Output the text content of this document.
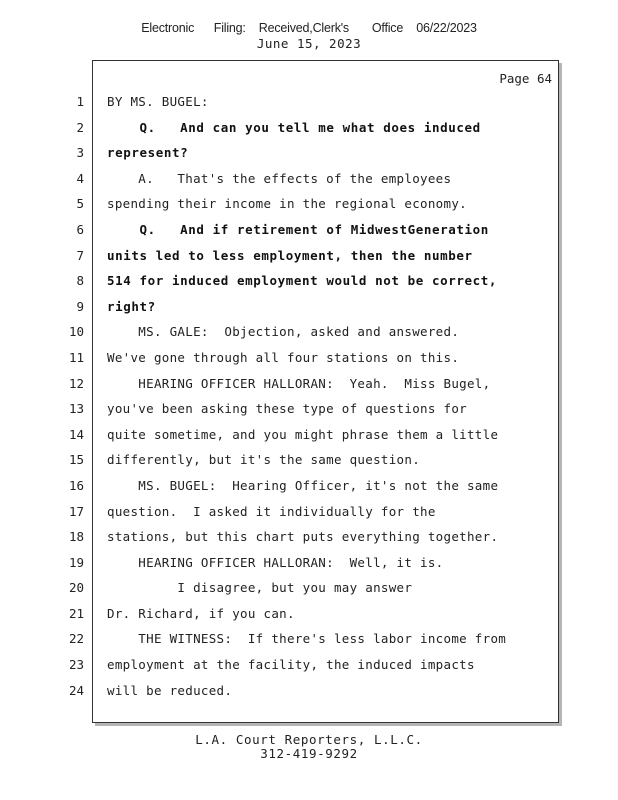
Electronic      Filing:    Received,Clerk's       Office    06/22/2023
June 15, 2023
Page 64
1 BY MS. BUGEL:
2 Q.   And can you tell me what does induced
3 represent?
4 A.   That's the effects of the employees
5 spending their income in the regional economy.
6 Q.   And if retirement of MidwestGeneration
7 units led to less employment, then the number
8 514 for induced employment would not be correct,
9 right?
10 MS. GALE:  Objection, asked and answered.
11 We've gone through all four stations on this.
12 HEARING OFFICER HALLORAN:  Yeah.  Miss Bugel,
13 you've been asking these type of questions for
14 quite sometime, and you might phrase them a little
15 differently, but it's the same question.
16 MS. BUGEL:  Hearing Officer, it's not the same
17 question.  I asked it individually for the
18 stations, but this chart puts everything together.
19 HEARING OFFICER HALLORAN:  Well, it is.
20 I disagree, but you may answer
21 Dr. Richard, if you can.
22 THE WITNESS:  If there's less labor income from
23 employment at the facility, the induced impacts
24 will be reduced.
L.A. Court Reporters, L.L.C.
312-419-9292
